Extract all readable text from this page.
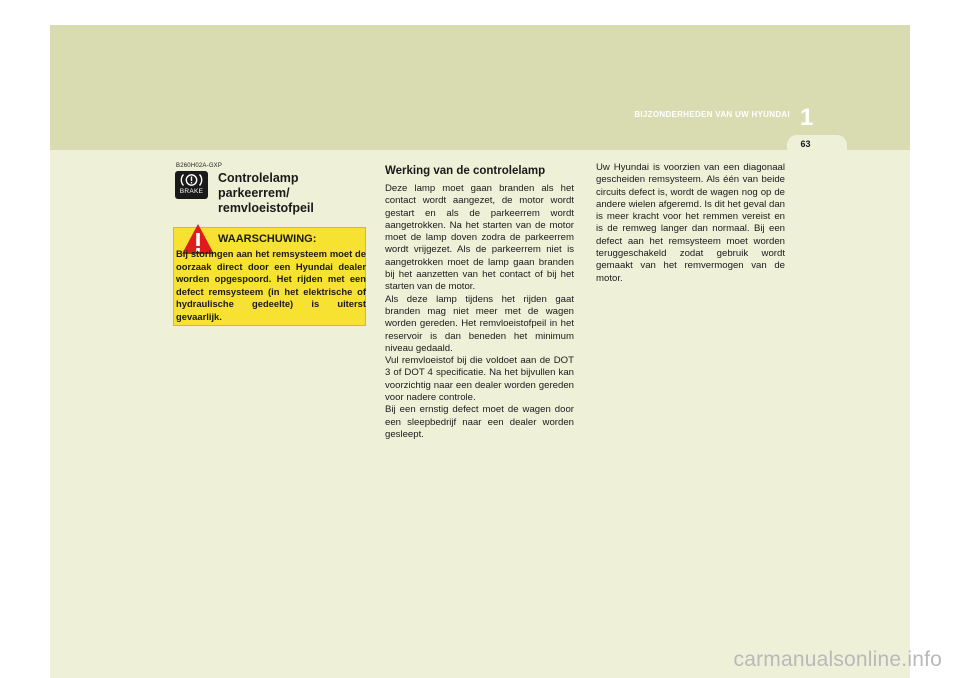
BIJZONDERHEDEN VAN UW HYUNDAI 1
63
B260H02A-GXP
BRAKE
Controlelamp parkeerrem/ remvloeistofpeil
WAARSCHUWING:
Bij storingen aan het remsysteem moet de oorzaak direct door een Hyundai dealer worden opgespoord. Het rijden met een defect remsysteem (in het elektrische of hydraulische gedeelte) is uiterst gevaarlijk.
Werking van de controlelamp

Deze lamp moet gaan branden als het contact wordt aangezet, de motor wordt gestart en als de parkeerrem wordt aangetrokken. Na het starten van de motor moet de lamp doven zodra de parkeerrem wordt vrijgezet. Als de parkeerrem niet is aangetrokken moet de lamp gaan branden bij het aanzetten van het contact of bij het starten van de motor.

Als deze lamp tijdens het rijden gaat branden mag niet meer met de wagen worden gereden. Het remvloeistofpeil in het reservoir is dan beneden het minimum niveau gedaald.

Vul remvloeistof bij die voldoet aan de DOT 3 of DOT 4 specificatie. Na het bijvullen kan voorzichtig naar een dealer worden gereden voor nadere controle.

Bij een ernstig defect moet de wagen door een sleepbedrijf naar een dealer worden gesleept.

Uw Hyundai is voorzien van een diagonaal gescheiden remsysteem. Als één van beide circuits defect is, wordt de wagen nog op de andere wielen afgeremd. Is dit het geval dan is meer kracht voor het remmen vereist en is de remweg langer dan normaal. Bij een defect aan het remsysteem moet worden teruggeschakeld zodat gebruik wordt gemaakt van het remvermogen van de motor.

carmanualsonline.info
